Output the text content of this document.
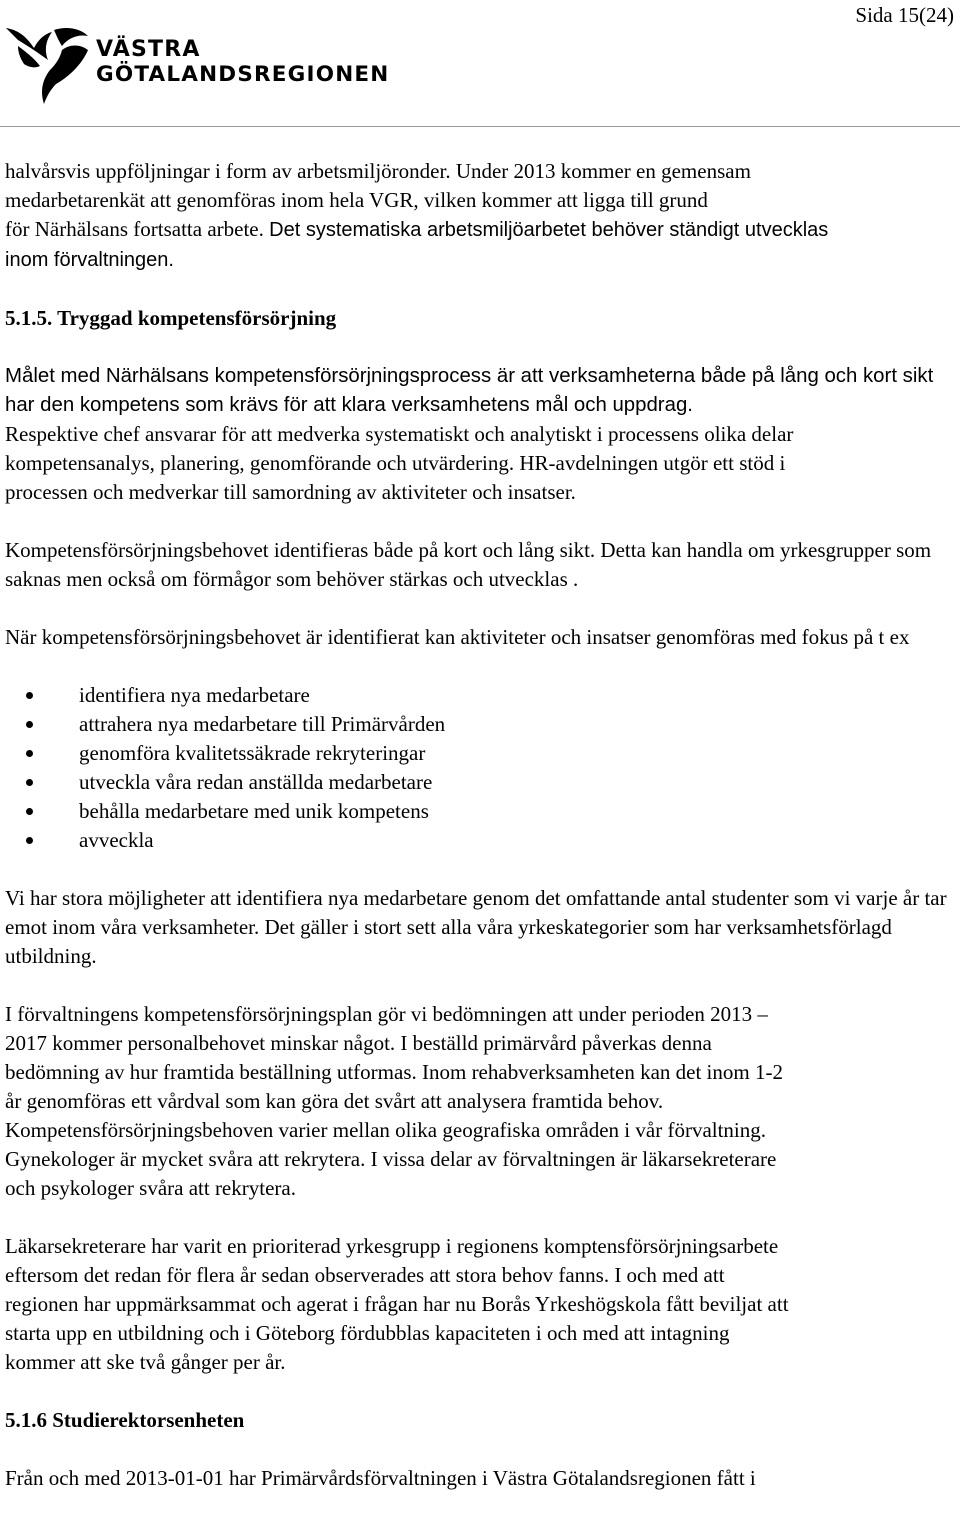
Sida 15(24)
VÄSTRA
GÖTALANDSREGIONEN

halvårsvis uppföljningar i form av arbetsmiljöronder. Under 2013 kommer en gemensam
medarbetarenkät att genomföras inom hela VGR, vilken kommer att ligga till grund
för Närhälsans fortsatta arbete. Det systematiska arbetsmiljöarbetet behöver ständigt utvecklas
inom förvaltningen.

5.1.5. Tryggad kompetensförsörjning

Målet med Närhälsans kompetensförsörjningsprocess är att verksamheterna både på lång och kort sikt har den kompetens som krävs för att klara verksamhetens mål och uppdrag.

Respektive chef ansvarar för att medverka systematiskt och analytiskt i processens olika delar
kompetensanalys, planering, genomförande och utvärdering. HR-avdelningen utgör ett stöd i
processen och medverkar till samordning av aktiviteter och insatser.

Kompetensförsörjningsbehovet identifieras både på kort och lång sikt. Detta kan handla om yrkesgrupper som saknas men också om förmågor som behöver stärkas och utvecklas .

När kompetensförsörjningsbehovet är identifierat kan aktiviteter och insatser genomföras med fokus på t ex

identifiera nya medarbetare
attrahera nya medarbetare till Primärvården
genomföra kvalitetssäkrade rekryteringar
utveckla våra redan anställda medarbetare
behålla medarbetare med unik kompetens
avveckla

Vi har stora möjligheter att identifiera nya medarbetare genom det omfattande antal studenter som vi varje år tar emot inom våra verksamheter. Det gäller i stort sett alla våra yrkeskategorier som har verksamhetsförlagd utbildning.

I förvaltningens kompetensförsörjningsplan gör vi bedömningen att under perioden 2013 –
2017 kommer personalbehovet minskar något. I beställd primärvård påverkas denna
bedömning av hur framtida beställning utformas. Inom rehabverksamheten kan det inom 1-2
år genomföras ett vårdval som kan göra det svårt att analysera framtida behov.
Kompetensförsörjningsbehoven varier mellan olika geografiska områden i vår förvaltning.
Gynekologer är mycket svåra att rekrytera. I vissa delar av förvaltningen är läkarsekreterare
och psykologer svåra att rekrytera.

Läkarsekreterare har varit en prioriterad yrkesgrupp i regionens komptensförsörjningsarbete
eftersom det redan för flera år sedan observerades att stora behov fanns. I och med att
regionen har uppmärksammat och agerat i frågan har nu Borås Yrkeshögskola fått beviljat att
starta upp en utbildning och i Göteborg fördubblas kapaciteten i och med att intagning
kommer att ske två gånger per år.

5.1.6 Studierektorsenheten

Från och med 2013-01-01 har Primärvårdsförvaltningen i Västra Götalandsregionen fått i
